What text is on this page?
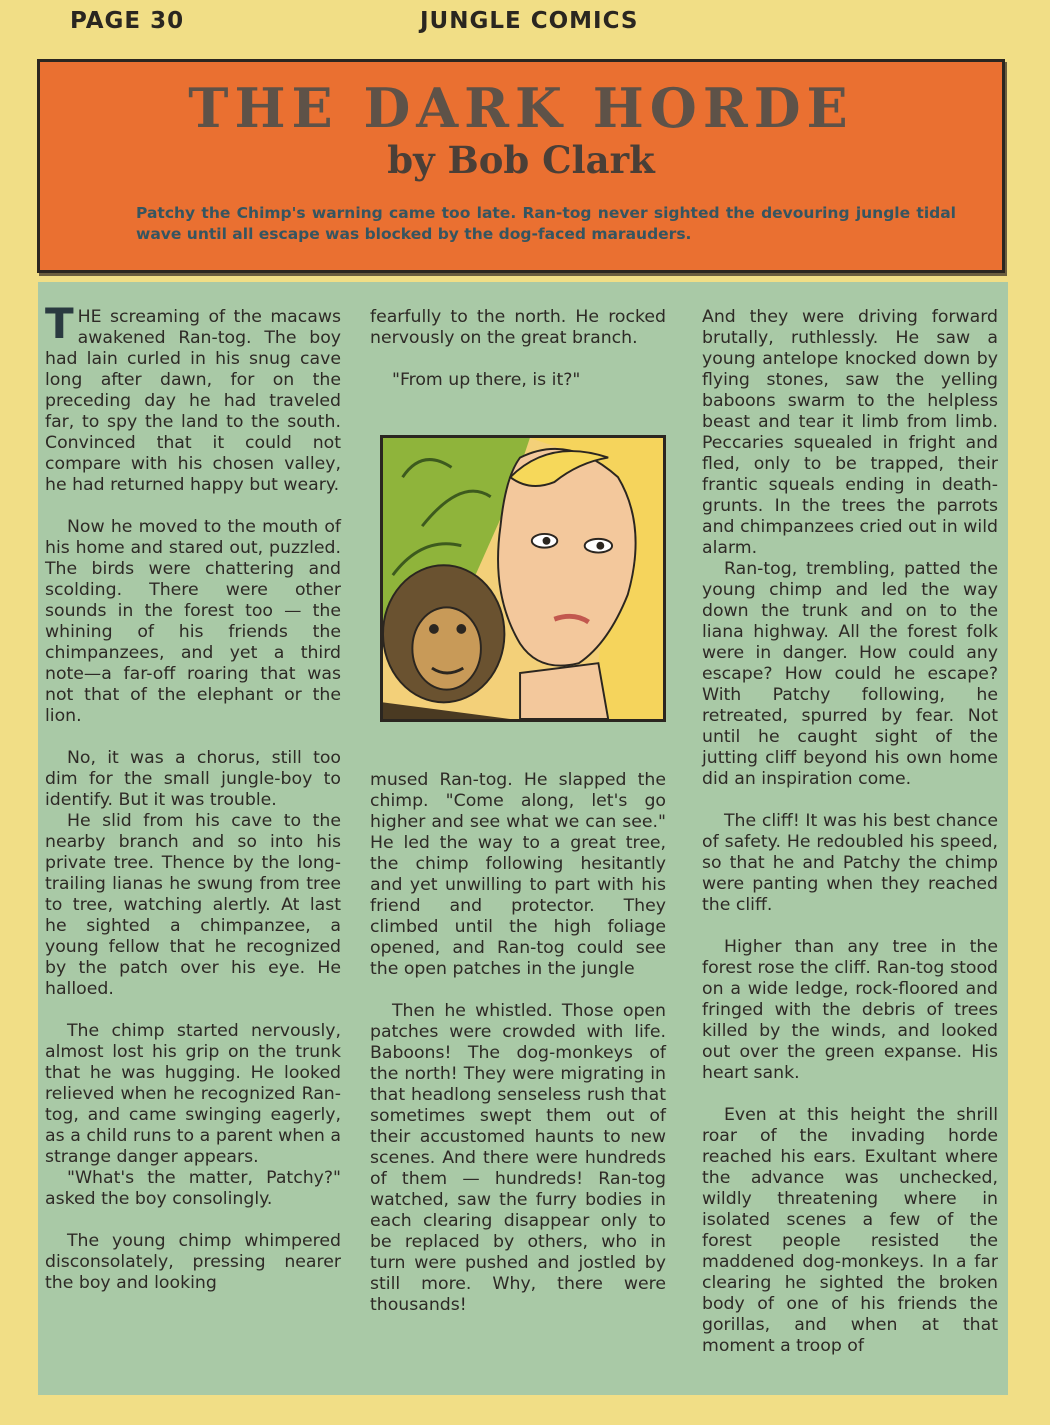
PAGE 30	JUNGLE COMICS
THE DARK HORDE
by Bob Clark
Patchy the Chimp's warning came too late. Ran-tog never sighted the devouring jungle tidal wave until all escape was blocked by the dog-faced marauders.

THE screaming of the macaws awakened Ran-tog. The boy had lain curled in his snug cave long after dawn, for on the preceding day he had traveled far, to spy the land to the south. Convinced that it could not compare with his chosen valley, he had returned happy but weary.

Now he moved to the mouth of his home and stared out, puzzled. The birds were chattering and scolding. There were other sounds in the forest too — the whining of his friends the chimpanzees, and yet a third note—a far-off roaring that was not that of the elephant or the lion.

No, it was a chorus, still too dim for the small jungle-boy to identify. But it was trouble.

He slid from his cave to the nearby branch and so into his private tree. Thence by the long-trailing lianas he swung from tree to tree, watching alertly. At last he sighted a chimpanzee, a young fellow that he recognized by the patch over his eye. He halloed.

The chimp started nervously, almost lost his grip on the trunk that he was hugging. He looked relieved when he recognized Ran-tog, and came swinging eagerly, as a child runs to a parent when a strange danger appears.

"What's the matter, Patchy?" asked the boy consolingly.

The young chimp whimpered disconsolately, pressing nearer the boy and looking

fearfully to the north. He rocked nervously on the great branch.

"From up there, is it?"

mused Ran-tog. He slapped the chimp. "Come along, let's go higher and see what we can see." He led the way to a great tree, the chimp following hesitantly and yet unwilling to part with his friend and protector. They climbed until the high foliage opened, and Ran-tog could see the open patches in the jungle

Then he whistled. Those open patches were crowded with life. Baboons! The dog-monkeys of the north! They were migrating in that headlong senseless rush that sometimes swept them out of their accustomed haunts to new scenes. And there were hundreds of them — hundreds! Ran-tog watched, saw the furry bodies in each clearing disappear only to be replaced by others, who in turn were pushed and jostled by still more. Why, there were thousands!

And they were driving forward brutally, ruthlessly. He saw a young antelope knocked down by flying stones, saw the yelling baboons swarm to the helpless beast and tear it limb from limb. Peccaries squealed in fright and fled, only to be trapped, their frantic squeals ending in death-grunts. In the trees the parrots and chimpanzees cried out in wild alarm.

Ran-tog, trembling, patted the young chimp and led the way down the trunk and on to the liana highway. All the forest folk were in danger. How could any escape? How could he escape? With Patchy following, he retreated, spurred by fear. Not until he caught sight of the jutting cliff beyond his own home did an inspiration come.

The cliff! It was his best chance of safety. He redoubled his speed, so that he and Patchy the chimp were panting when they reached the cliff.

Higher than any tree in the forest rose the cliff. Ran-tog stood on a wide ledge, rock-floored and fringed with the debris of trees killed by the winds, and looked out over the green expanse. His heart sank.

Even at this height the shrill roar of the invading horde reached his ears. Exultant where the advance was unchecked, wildly threatening where in isolated scenes a few of the forest people resisted the maddened dog-monkeys. In a far clearing he sighted the broken body of one of his friends the gorillas, and when at that moment a troop of
